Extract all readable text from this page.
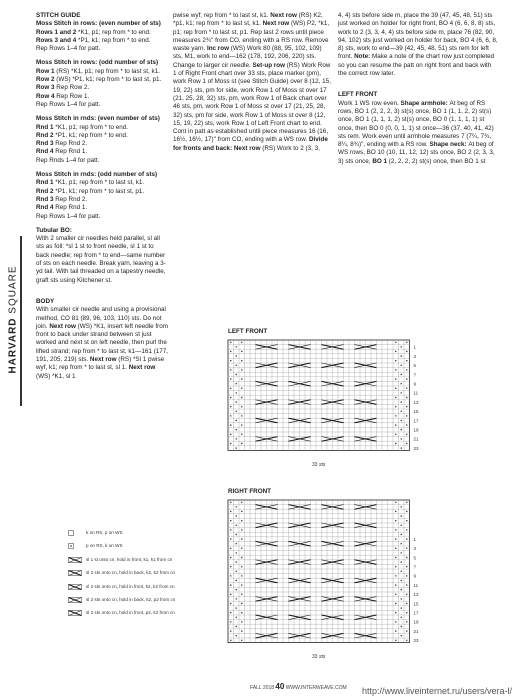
HARVARD SQUARE
STITCH GUIDE
Moss Stitch in rows: (even number of sts)
Rows 1 and 2 *K1, p1; rep from * to end.
Rows 3 and 4 *P1, k1; rep from * to end.
Rep Rows 1–4 for patt.
Moss Stitch in rows: (odd number of sts)
Row 1 (RS) *K1, p1; rep from * to last st, k1.
Row 2 (WS) *P1, k1; rep from * to last st, p1.
Row 3 Rep Row 2.
Row 4 Rep Row 1.
Rep Rows 1–4 for patt.
Moss Stitch in rnds: (even number of sts)
Rnd 1 *K1, p1; rep from * to end.
Rnd 2 *P1, k1; rep from * to end.
Rnd 3 Rep Rnd 2.
Rnd 4 Rep Rnd 1.
Rep Rnds 1–4 for patt.
Moss Stitch in rnds: (odd number of sts)
Rnd 1 *K1, p1; rep from * to last st, k1.
Rnd 2 *P1, k1; rep from * to last st, p1.
Rnd 3 Rep Rnd 2.
Rnd 4 Rep Rnd 1.
Rep Rows 1–4 for patt.
Tubular BO:
With 2 smaller cir needles held parallel, sl all sts as foll: *sl 1 st to front needle, sl 1 st to back needle; rep from * to end—same number of sts on each needle. Break yarn, leaving a 3-yd tail. With tail threaded on a tapestry needle, graft sts using Kitchener st.
BODY
With smaller cir needle and using a provisional method, CO 81 (89, 96, 103, 110) sts. Do not join. Next row (WS) *K1, insert left needle from front to back under strand between st just worked and next st on left needle, then purl the lifted strand; rep from * to last st, k1—161 (177, 191, 205, 219) sts. Next row (RS) *Sl 1 pwise wyf, k1; rep from * to last st, sl 1. Next row (WS) *K1, sl 1
pwise wyf; rep from * to last st, k1. Next row (RS) K2, *p1, k1; rep from * to last st, k1. Next row (WS) P2, *k1, p1; rep from * to last st, p1. Rep last 2 rows until piece measures 2¾" from CO, ending with a RS row. Remove waste yarn. Inc row (WS) Work 80 (88, 95, 102, 109) sts, M1, work to end—162 (178, 192, 206, 220) sts. Change to larger cir needle. Set-up row (RS) Work Row 1 of Right Front chart over 33 sts, place marker (pm), work Row 1 of Moss st (see Stitch Guide) over 8 (12, 15, 19, 22) sts, pm for side, work Row 1 of Moss st over 17 (21, 25, 28, 32) sts, pm, work Row 1 of Back chart over 46 sts, pm, work Row 1 of Moss st over 17 (21, 25, 28, 32) sts, pm for side, work Row 1 of Moss st over 8 (12, 15, 19, 22) sts, work Row 1 of Left Front chart to end. Cont in patt as established until piece measures 16 (16, 16½, 16½, 17)" from CO, ending with a WS row. Divide for fronts and back: Next row (RS) Work to 2 (3, 3,
4, 4) sts before side m, place the 39 (47, 45, 48, 51) sts just worked on holder for right front, BO 4 (6, 6, 8, 8) sts, work to 2 (3, 3, 4, 4) sts before side m, place 76 (82, 90, 94, 102) sts just worked on holder for back, BO 4 (6, 6, 8, 8) sts, work to end—39 (42, 45, 48, 51) sts rem for left front. Note: Make a note of the chart row just completed so you can resume the patt on right front and back with the correct row later.
LEFT FRONT
Work 1 WS row even. Shape armhole: At beg of RS rows, BO 1 (2, 2, 2, 3) st(s) once, BO 1 (1, 1, 2, 2) st(s) once, BO 1 (1, 1, 1, 2) st(s) once, BO 0 (1, 1, 1, 1) st once, then BO 0 (0, 0, 1, 1) st once—36 (37, 40, 41, 42) sts rem. Work even until armhole measures 7 (7¼, 7¾, 8¼, 8¾)", ending with a RS row. Shape neck: At beg of WS rows, BO 10 (10, 11, 12, 12) sts once, BO 2 (2, 3, 3, 3) sts once, BO 1 (2, 2, 2, 2) st(s) once, then BO 1 st
LEFT FRONT
23
21
19
17
15
13
11
9
7
5
3
1
33 sts
RIGHT FRONT
23
21
19
17
15
13
11
9
7
5
3
1
33 sts
k on RS, p on WS
p on RS, k on WS
sl 1 st onto cn, hold in front, k1, k1 from cn
sl 2 sts onto cn, hold in back, k2, k2 from cn
sl 2 sts onto cn, hold in front, k2, k2 from cn
sl 2 sts onto cn, hold in back, k2, p2 from cn
sl 2 sts onto cn, hold in front, p2, k2 from cn
FALL 2018 40 WWW.INTERWEAVE.COM http://www.liveinternet.ru/users/vera-l/
